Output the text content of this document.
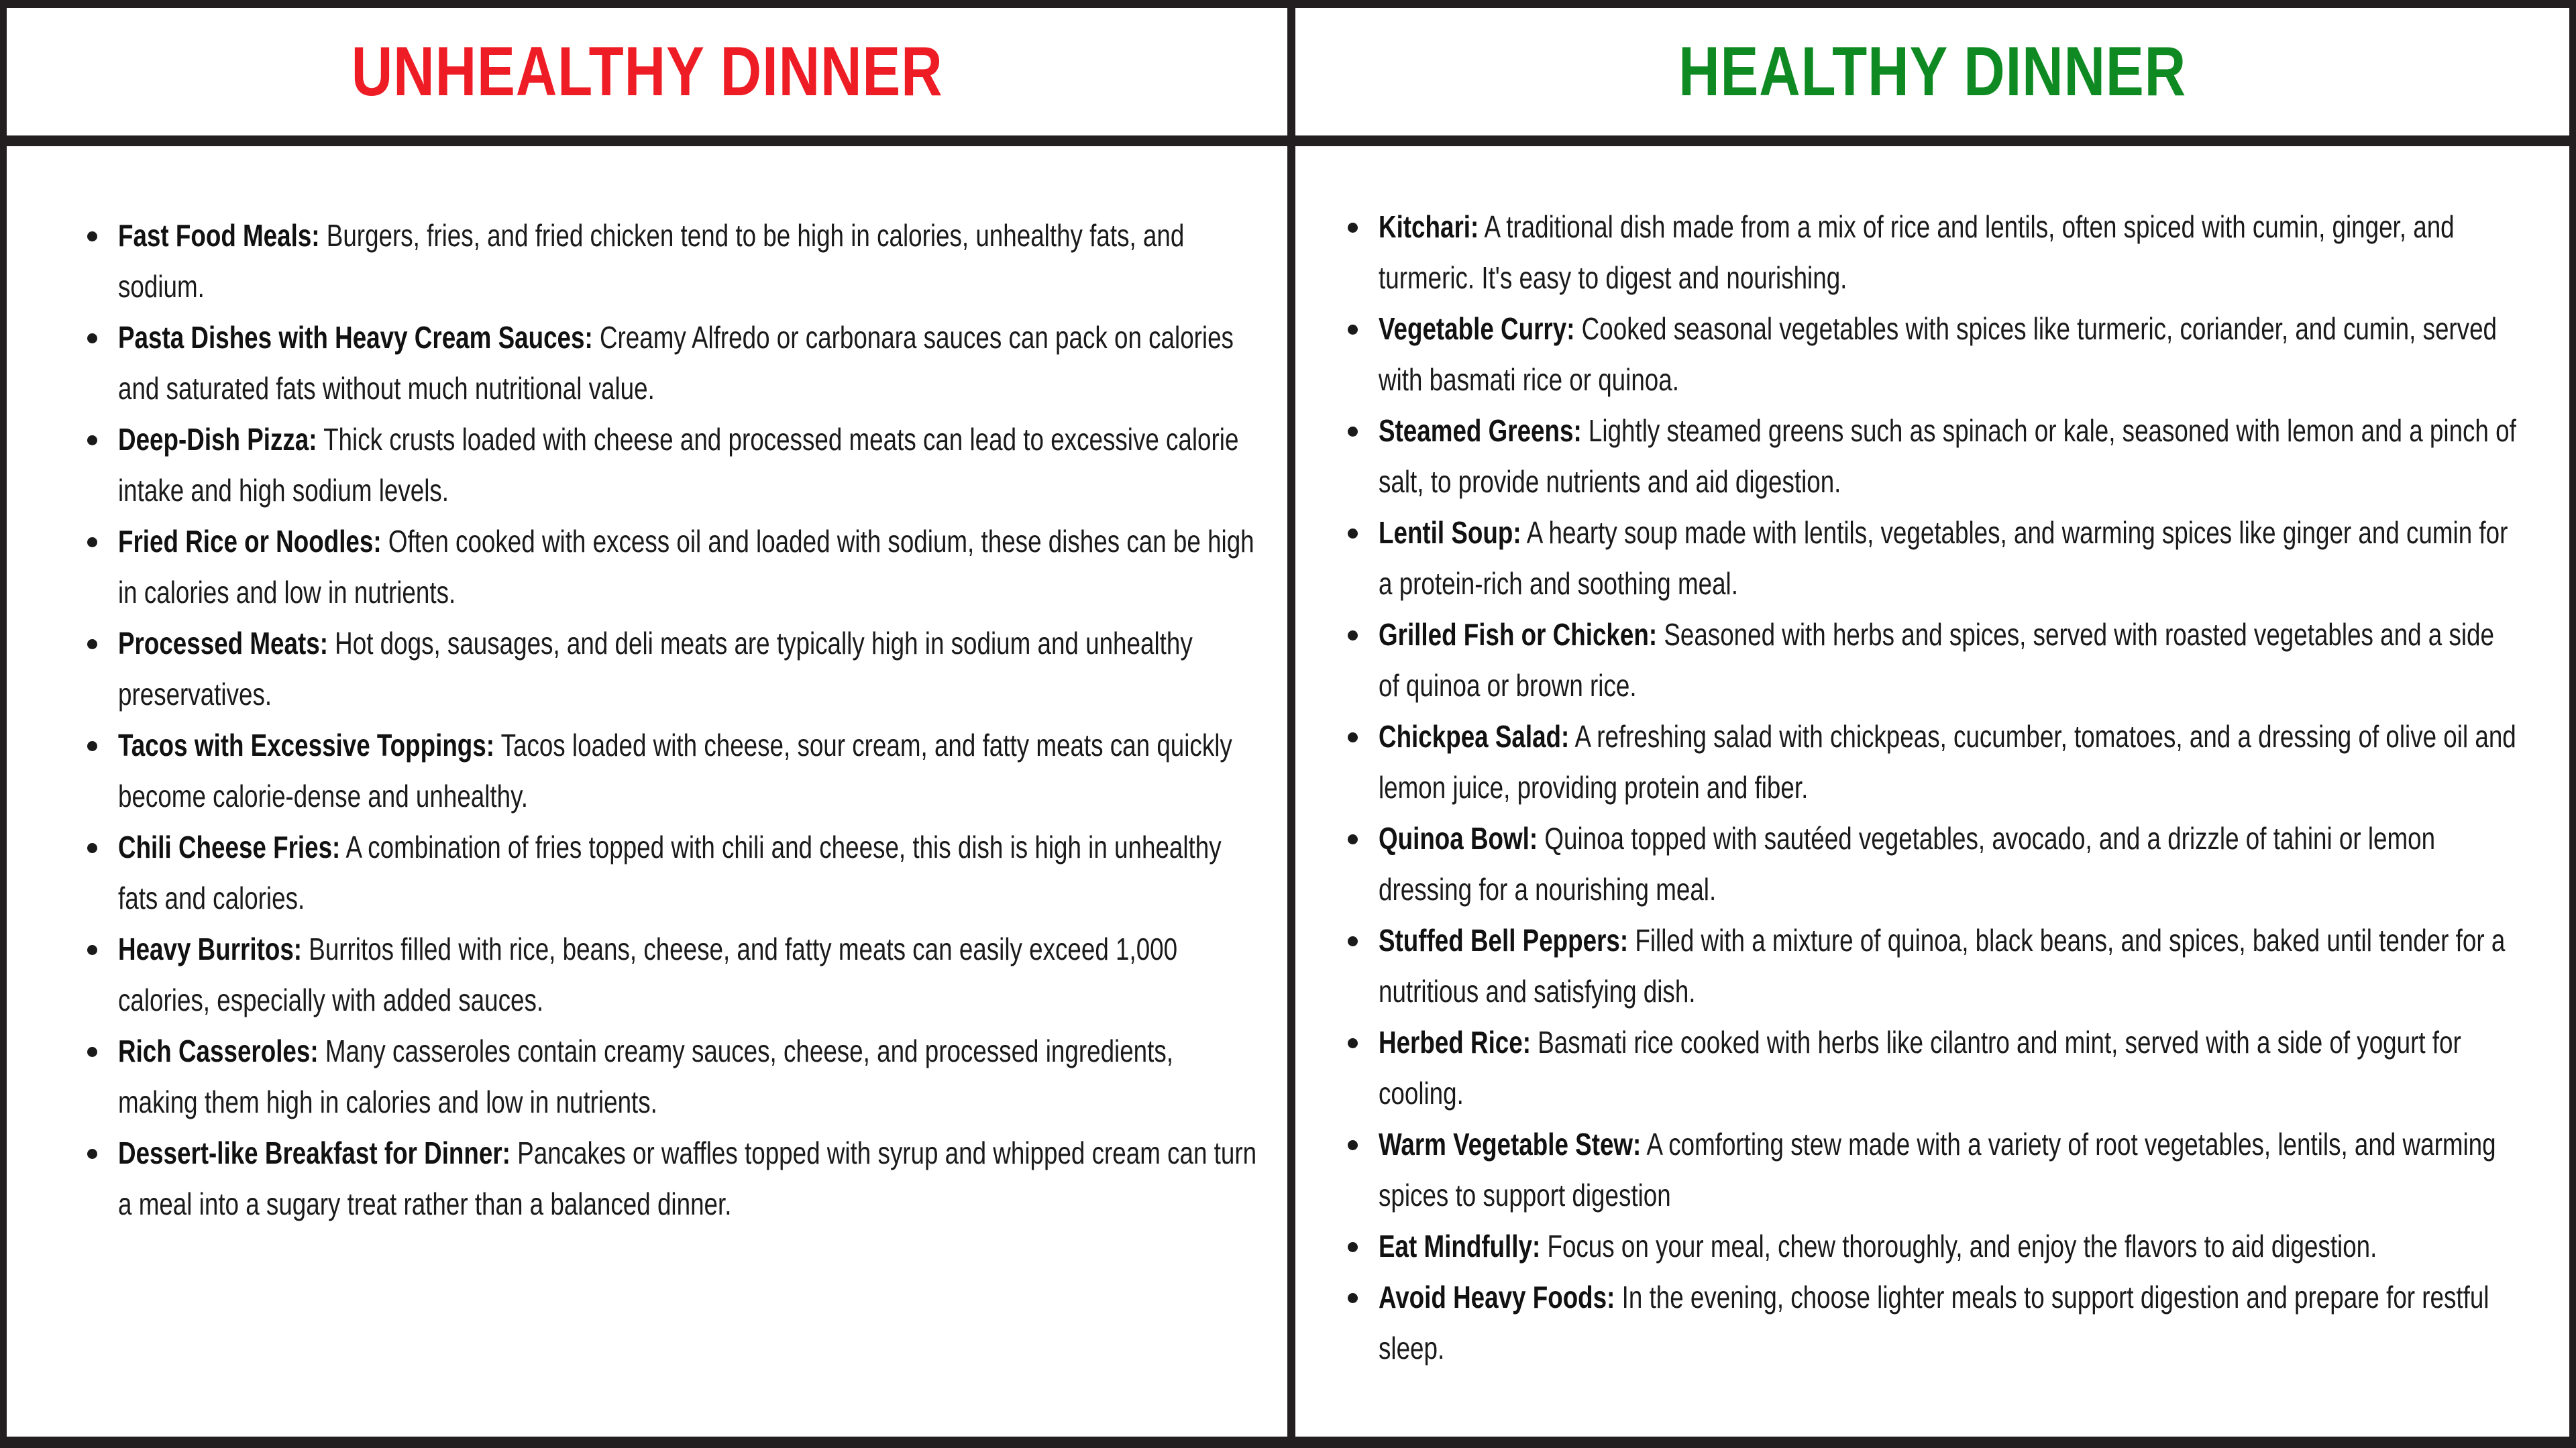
UNHEALTHY DINNER	HEALTHY DINNER
Fast Food Meals: Burgers, fries, and fried chicken tend to be high in calories, unhealthy fats, and sodium.
Pasta Dishes with Heavy Cream Sauces: Creamy Alfredo or carbonara sauces can pack on calories and saturated fats without much nutritional value.
Deep-Dish Pizza: Thick crusts loaded with cheese and processed meats can lead to excessive calorie intake and high sodium levels.
Fried Rice or Noodles: Often cooked with excess oil and loaded with sodium, these dishes can be high in calories and low in nutrients.
Processed Meats: Hot dogs, sausages, and deli meats are typically high in sodium and unhealthy preservatives.
Tacos with Excessive Toppings: Tacos loaded with cheese, sour cream, and fatty meats can quickly become calorie-dense and unhealthy.
Chili Cheese Fries: A combination of fries topped with chili and cheese, this dish is high in unhealthy fats and calories.
Heavy Burritos: Burritos filled with rice, beans, cheese, and fatty meats can easily exceed 1,000 calories, especially with added sauces.
Rich Casseroles: Many casseroles contain creamy sauces, cheese, and processed ingredients, making them high in calories and low in nutrients.
Dessert-like Breakfast for Dinner: Pancakes or waffles topped with syrup and whipped cream can turn a meal into a sugary treat rather than a balanced dinner.
Kitchari: A traditional dish made from a mix of rice and lentils, often spiced with cumin, ginger, and turmeric. It's easy to digest and nourishing.
Vegetable Curry: Cooked seasonal vegetables with spices like turmeric, coriander, and cumin, served with basmati rice or quinoa.
Steamed Greens: Lightly steamed greens such as spinach or kale, seasoned with lemon and a pinch of salt, to provide nutrients and aid digestion.
Lentil Soup: A hearty soup made with lentils, vegetables, and warming spices like ginger and cumin for a protein-rich and soothing meal.
Grilled Fish or Chicken: Seasoned with herbs and spices, served with roasted vegetables and a side of quinoa or brown rice.
Chickpea Salad: A refreshing salad with chickpeas, cucumber, tomatoes, and a dressing of olive oil and lemon juice, providing protein and fiber.
Quinoa Bowl: Quinoa topped with sautéed vegetables, avocado, and a drizzle of tahini or lemon dressing for a nourishing meal.
Stuffed Bell Peppers: Filled with a mixture of quinoa, black beans, and spices, baked until tender for a nutritious and satisfying dish.
Herbed Rice: Basmati rice cooked with herbs like cilantro and mint, served with a side of yogurt for cooling.
Warm Vegetable Stew: A comforting stew made with a variety of root vegetables, lentils, and warming spices to support digestion
Eat Mindfully: Focus on your meal, chew thoroughly, and enjoy the flavors to aid digestion.
Avoid Heavy Foods: In the evening, choose lighter meals to support digestion and prepare for restful sleep.
